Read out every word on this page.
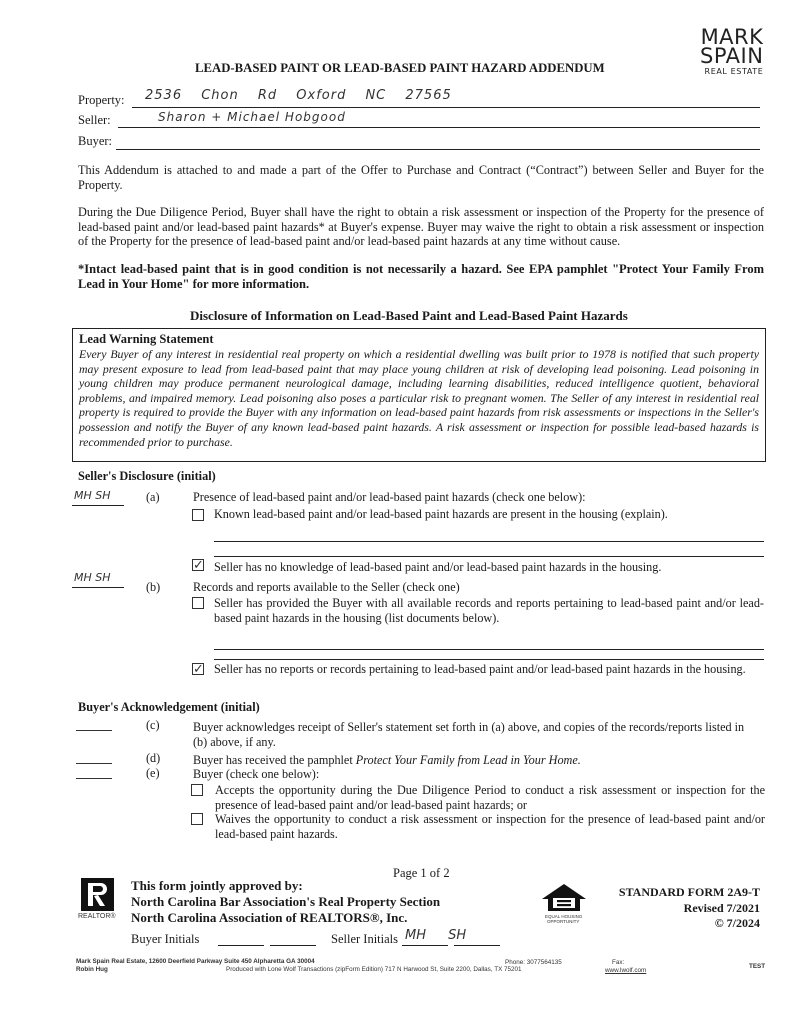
LEAD-BASED PAINT OR LEAD-BASED PAINT HAZARD ADDENDUM
MARK
SPAIN
REAL ESTATE
Property: 2536 Chon Rd Oxford NC 27565
Seller:	Sharon + Michael Hobgood
Buyer:
This Addendum is attached to and made a part of the Offer to Purchase and Contract (“Contract”) between Seller and Buyer for the Property.
During the Due Diligence Period, Buyer shall have the right to obtain a risk assessment or inspection of the Property for the presence of lead-based paint and/or lead-based paint hazards* at Buyer's expense. Buyer may waive the right to obtain a risk assessment or inspection of the Property for the presence of lead-based paint and/or lead-based paint hazards at any time without cause.
*Intact lead-based paint that is in good condition is not necessarily a hazard. See EPA pamphlet "Protect Your Family From Lead in Your Home" for more information.
Disclosure of Information on Lead-Based Paint and Lead-Based Paint Hazards
Lead Warning Statement
Every Buyer of any interest in residential real property on which a residential dwelling was built prior to 1978 is notified that such property may present exposure to lead from lead-based paint that may place young children at risk of developing lead poisoning. Lead poisoning in young children may produce permanent neurological damage, including learning disabilities, reduced intelligence quotient, behavioral problems, and impaired memory. Lead poisoning also poses a particular risk to pregnant women. The Seller of any interest in residential real property is required to provide the Buyer with any information on lead-based paint hazards from risk assessments or inspections in the Seller's possession and notify the Buyer of any known lead-based paint hazards. A risk assessment or inspection for possible lead-based hazards is recommended prior to purchase.
Seller's Disclosure (initial)
MH SH	(a)	Presence of lead-based paint and/or lead-based paint hazards (check one below):
Known lead-based paint and/or lead-based paint hazards are present in the housing (explain).
✓
Seller has no knowledge of lead-based paint and/or lead-based paint hazards in the housing.
MH SH
(b)	Records and reports available to the Seller (check one)
Seller has provided the Buyer with all available records and reports pertaining to lead-based paint and/or lead-based paint hazards in the housing (list documents below).
✓
Seller has no reports or records pertaining to lead-based paint and/or lead-based paint hazards in the housing.
Buyer's Acknowledgement (initial)
(c)	Buyer acknowledges receipt of Seller's statement set forth in (a) above, and copies of the records/reports listed in (b) above, if any.
(d)	Buyer has received the pamphlet Protect Your Family from Lead in Your Home.
(e)	Buyer (check one below):
Accepts the opportunity during the Due Diligence Period to conduct a risk assessment or inspection for the presence of lead-based paint and/or lead-based paint hazards; or
Waives the opportunity to conduct a risk assessment or inspection for the presence of lead-based paint and/or lead-based paint hazards.
Page 1 of 2
REALTOR®
This form jointly approved by:
North Carolina Bar Association's Real Property Section
North Carolina Association of REALTORS®, Inc.
Buyer Initials	Seller Initials MH SH
EQUAL HOUSING
OPPORTUNITY
STANDARD FORM 2A9-T
Revised 7/2021
© 7/2024
Mark Spain Real Estate, 12600 Deerfield Parkway Suite 450 Alpharetta GA 30004
Robin Hug	Produced with Lone Wolf Transactions (zipForm Edition) 717 N Harwood St, Suite 2200, Dallas, TX 75201
Phone: 3077564135	Fax:
www.lwolf.com
TEST
